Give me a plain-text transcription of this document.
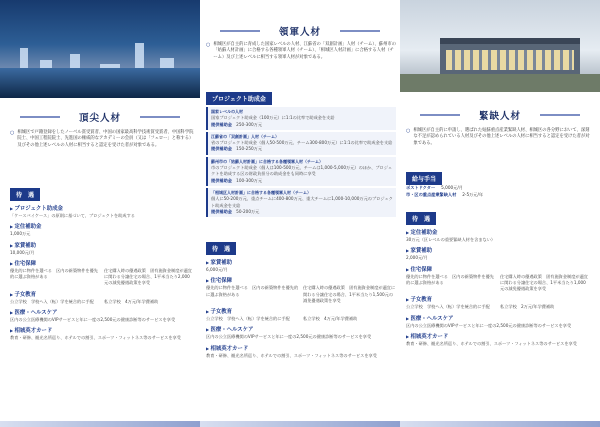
頂尖人材
○ 相城区で戸籍登録をしたノーベル賞受賞者、中国の国家最高科学技術賞受賞者、中国科学院院士、中国工程院院士、先進国の権威的なアカデミーの会員（又は「フェロー」と称する）及びその他上述レベルの人材に相当すると認定を受けた者が対象である。
待　遇
▶ プロジェクト助成金
「ケースバイケース」の原則に基づいて、プロジェクトを助成する
▶ 定住補助金
1,000万元
▶ 家賃補助
10,000元/月
▶ 住宅保障
優先的に物件を選べる　区内の新築物件を優先的に選ぶ資格がある
住宅購入時の優遇政策　固有施資金制度が適宜に関わる分譲住宅の場合、1平米当たり2,000元の減免優遇政策を享受
▶ 子女教育
公立学校　学校へ入（転）学を統合的に手配	私立学校　4万元/年学費補助
▶ 医療・ヘルスケア
区内の公立医療機関のVIPサービスと年に一度の2,500元の健康診断等のサービスを享受
▶ 相城英才カード
教育・研修、観光名所巡り、ホテルでの割引、スポーツ・フィットネス等のサービスを享受
領軍人材
○ 相城区が自主的に育成した国家レベルの人材、江蘇省の「双創計画」人材（チーム）、蘇州市の「姑蘇人材計画」に合格する各種領軍人材（チーム）、「相城区人材計画」に合格する人材（チーム）及び上述レベルに相当する領軍人材が対象である。
プロジェクト助成金
国家レベルの人材
国家プロジェクト助成金（100万元）に1:1の比率で助成金を支給
提供補助金　 250-300万元
江蘇省の「双創計画」人材（チーム）
省のプロジェクト助成金（個人50-500万元、チーム300-800万元）に1:1の比率で助成金を支給
提供補助金　 150-250万元
蘇州市の「姑蘇人材計画」に合格する各種領軍人材（チーム）
市のプロジェクト助成金（個人は100-500万元、チームは1,000-5,000万元）のほか、プロジェクトを助成する区の財政負担分の助成金をも同時に享受
提供補助金　 100-300万元
「相城区人材計画」に合格する各種領軍人材（チーム）
個人に50-200万元、重点チームに400-800万元、重大チームに1,000-10,000万元のプロジェクト助成金を支給
提供補助金　 50-200万元
待　遇
▶ 家賃補助
6,000元/月
▶ 住宅保障
優先的に物件を選べる　区内の新築物件を優先的に選ぶ資格がある
住宅購入時の優遇政策　固有施資金制度が適宜に関わる分譲住宅の場合、1平米当たり1,500元の減免優遇政策を享受
▶ 子女教育
公立学校　学校へ入（転）学を統合的に手配	私立学校　4万元/年学費補助
▶ 医療・ヘルスケア
区内の公立医療機関のVIPサービスと年に一度の2,500元の健康診断等のサービスを享受
▶ 相城英才カード
教育・研修、観光名所巡り、ホテルでの割引、スポーツ・フィットネス等のサービスを享受
緊缺人材
○ 相城区が自主的に申請し、選ばれた姑蘇重点産業緊缺人材、相城区の各分野において、深刻な不足が認められている人材及びその他上述レベルの人材に相当すると認定を受けた者が対象である。
給与手当
ポストドクター 5,000元/月
市・区の重点産業緊缺人材 2-5万元/年
待　遇
▶ 定住補助金
30万元（区レベルの重要緊缺人材を含まない）
▶ 家賃補助
2,000元/月
▶ 住宅保障
優先的に物件を選べる　区内の新築物件を優先的に選ぶ資格がある
住宅購入時の優遇政策　固有施資金制度が適宜に関わる分譲住宅の場合、1平米当たり1,000元の減免優遇政策を享受
▶ 子女教育
公立学校　学校へ入（転）学を統合的に手配	私立学校　2万元/年学費補助
▶ 医療・ヘルスケア
区内の公立医療機関のVIPサービスと年に一度の2,500元の健康診断等のサービスを享受
▶ 相城英才カード
教育・研修、観光名所巡り、ホテルでの割引、スポーツ・フィットネス等のサービスを享受
